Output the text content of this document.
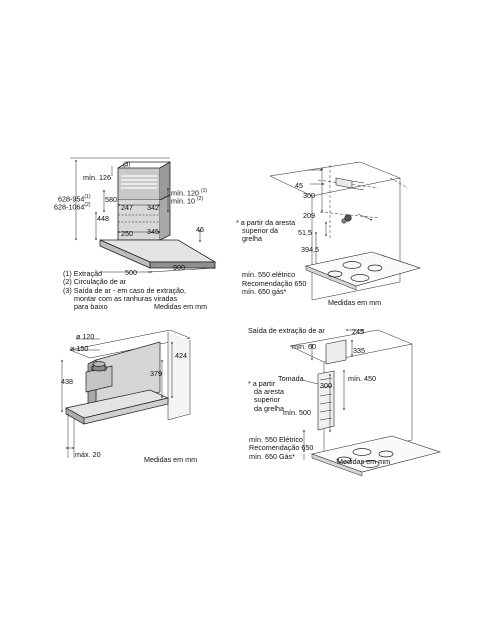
mín. 126
(3)
628-954$^{(1)}$
628-1064$^{(2)}$
580
247 342
448
250 345
mín. 120 $^{(1)}$
mín. 10 $^{(2)}$
46
500
900
(1) Extração
(2) Circulação de ar
(3) Saída de ar - em caso de extração,
montar com as ranhuras viradas
para baixo	Medidas em mm
45
300
209
* a partir da aresta
superior da
grelha
51,5
394,5
mín. 550 elétrico
Recomendação 650
mín. 650 gás*
Medidas em mm
ø 120
ø 150
424
379
438
máx. 20
Medidas em mm
Saída de extração de ar	245
mín. 60	335
Tomada	mín. 450
300
* a partir
da aresta
superior
da grelha mín. 500
mín. 550 Elétrico
Recomendação 650
mín. 650 Gás*
Medidas em mm
